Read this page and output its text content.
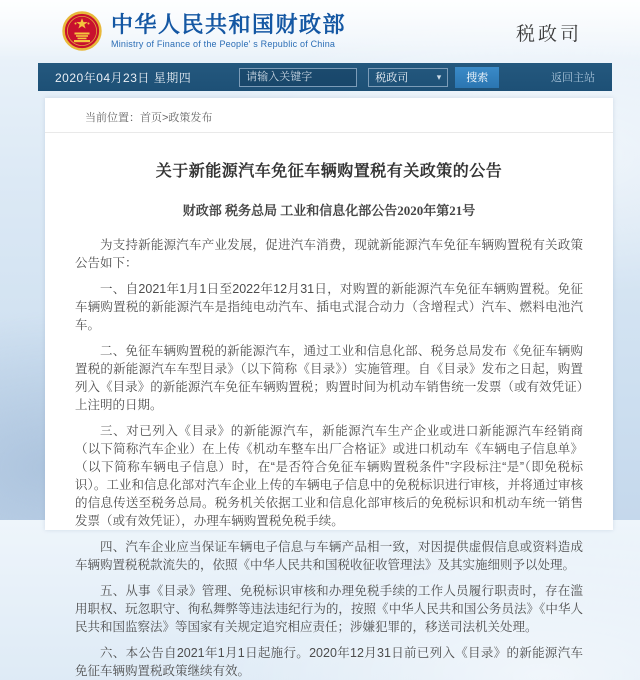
中华人民共和国财政部
Ministry of Finance of the People' s Republic of China	税政司
2020年04月23日 星期四
请输入关键字	税政司	▾	搜索	返回主站
当前位置：首页>政策发布
关于新能源汽车免征车辆购置税有关政策的公告
财政部 税务总局 工业和信息化部公告2020年第21号

为支持新能源汽车产业发展，促进汽车消费，现就新能源汽车免征车辆购置税有关政策公告如下：

一、自2021年1月1日至2022年12月31日，对购置的新能源汽车免征车辆购置税。免征车辆购置税的新能源汽车是指纯电动汽车、插电式混合动力（含增程式）汽车、燃料电池汽车。

二、免征车辆购置税的新能源汽车，通过工业和信息化部、税务总局发布《免征车辆购置税的新能源汽车车型目录》（以下简称《目录》）实施管理。自《目录》发布之日起，购置列入《目录》的新能源汽车免征车辆购置税；购置时间为机动车销售统一发票（或有效凭证）上注明的日期。

三、对已列入《目录》的新能源汽车，新能源汽车生产企业或进口新能源汽车经销商（以下简称汽车企业）在上传《机动车整车出厂合格证》或进口机动车《车辆电子信息单》（以下简称车辆电子信息）时，在“是否符合免征车辆购置税条件”字段标注“是”（即免税标识）。工业和信息化部对汽车企业上传的车辆电子信息中的免税标识进行审核，并将通过审核的信息传送至税务总局。税务机关依据工业和信息化部审核后的免税标识和机动车统一销售发票（或有效凭证），办理车辆购置税免税手续。

四、汽车企业应当保证车辆电子信息与车辆产品相一致，对因提供虚假信息或资料造成车辆购置税税款流失的，依照《中华人民共和国税收征收管理法》及其实施细则予以处理。

五、从事《目录》管理、免税标识审核和办理免税手续的工作人员履行职责时，存在滥用职权、玩忽职守、徇私舞弊等违法违纪行为的，按照《中华人民共和国公务员法》《中华人民共和国监察法》等国家有关规定追究相应责任；涉嫌犯罪的，移送司法机关处理。

六、本公告自2021年1月1日起施行。2020年12月31日前已列入《目录》的新能源汽车免征车辆购置税政策继续有效。
